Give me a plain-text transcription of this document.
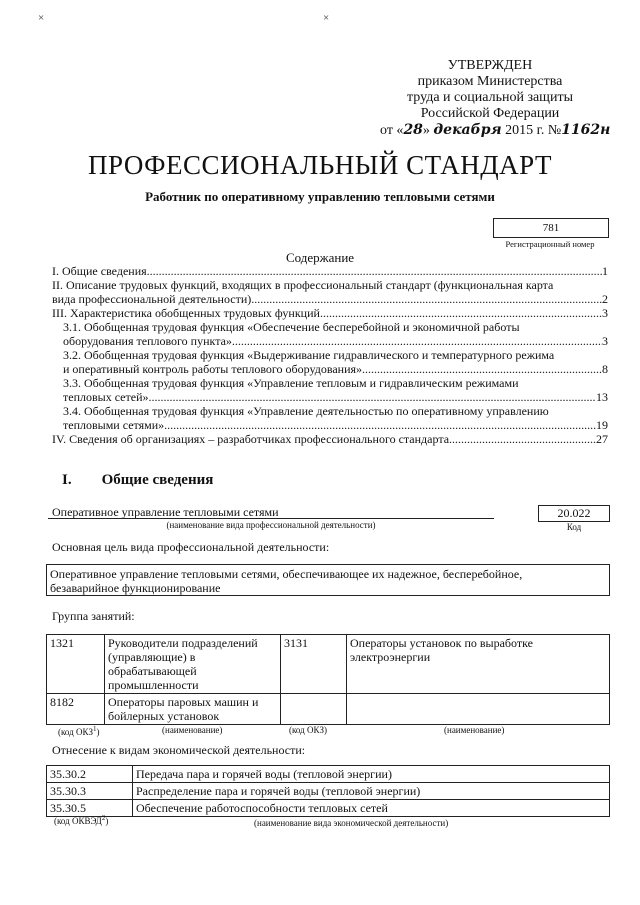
×	×
УТВЕРЖДЕН
приказом Министерства
труда и социальной защиты
Российской Федерации
от «28» декабря 2015 г. №1162н
ПРОФЕССИОНАЛЬНЫЙ СТАНДАРТ
Работник по оперативному управлению тепловыми сетями
781
Регистрационный номер
Содержание
I. Общие сведения .....	1
II. Описание трудовых функций, входящих в профессиональный стандарт (функциональная карта
вида профессиональной деятельности) .....	2
III. Характеристика обобщенных трудовых функций .....	3
3.1. Обобщенная трудовая функция «Обеспечение бесперебойной и экономичной работы
оборудования теплового пункта» .....	3
3.2. Обобщенная трудовая функция «Выдерживание гидравлического и температурного режима
и оперативный контроль работы теплового оборудования» .....	8
3.3. Обобщенная трудовая функция «Управление тепловым и гидравлическим режимами
тепловых сетей» .....	13
3.4. Обобщенная трудовая функция «Управление деятельностью по оперативному управлению
тепловыми сетями» .....	19
IV. Сведения об организациях – разработчиках профессионального стандарта .....	27
I. Общие сведения
Оперативное управление тепловыми сетями
(наименование вида профессиональной деятельности)
20.022
Код
Основная цель вида профессиональной деятельности:
Оперативное управление тепловыми сетями, обеспечивающее их надежное, бесперебойное,
безаварийное функционирование
Группа занятий:
1321	Руководители подразделений (управляющие) в обрабатывающей промышленности	3131	Операторы установок по выработке электроэнергии
8182	Операторы паровых машин и бойлерных установок		
(код ОКЗ$^1$)	(наименование)	(код ОКЗ)	(наименование)
Отнесение к видам экономической деятельности:
35.30.2	Передача пара и горячей воды (тепловой энергии)
35.30.3	Распределение пара и горячей воды (тепловой энергии)
35.30.5	Обеспечение работоспособности тепловых сетей
(код ОКВЭД$^2$)	(наименование вида экономической деятельности)
